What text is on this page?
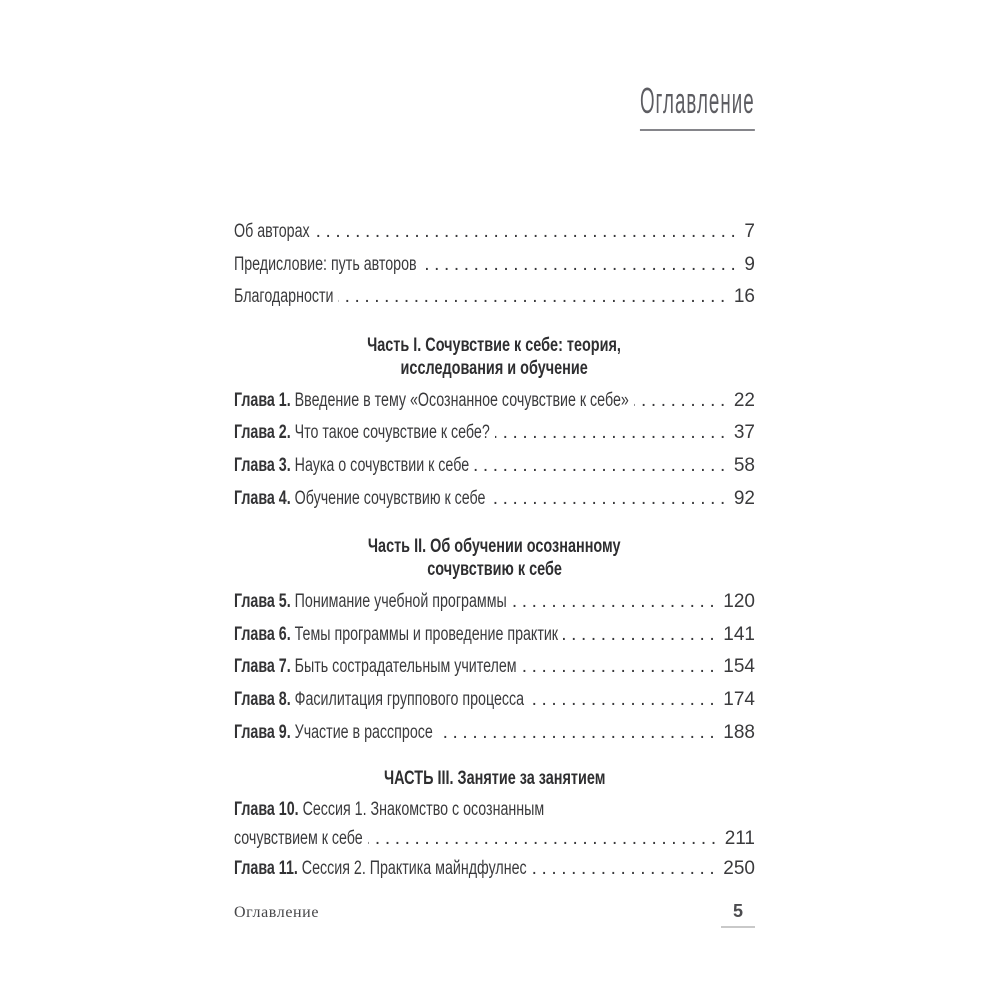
Оглавление
Об авторах .....	7
Предисловие: путь авторов .....	9
Благодарности .....	16
Часть I. Сочувствие к себе: теория,
исследования и обучение
Глава 1. Введение в тему «Осознанное сочувствие к себе» .....	22
Глава 2. Что такое сочувствие к себе? .....	37
Глава 3. Наука о сочувствии к себе .....	58
Глава 4. Обучение сочувствию к себе .....	92
Часть II. Об обучении осознанному
сочувствию к себе
Глава 5. Понимание учебной программы .....	120
Глава 6. Темы программы и проведение практик .....	141
Глава 7. Быть сострадательным учителем .....	154
Глава 8. Фасилитация группового процесса .....	174
Глава 9. Участие в расспросе .....	188
ЧАСТЬ III. Занятие за занятием
Глава 10. Сессия 1. Знакомство с осознанным
сочувствием к себе .....	211
Глава 11. Сессия 2. Практика майндфулнес .....	250
Оглавление	5
